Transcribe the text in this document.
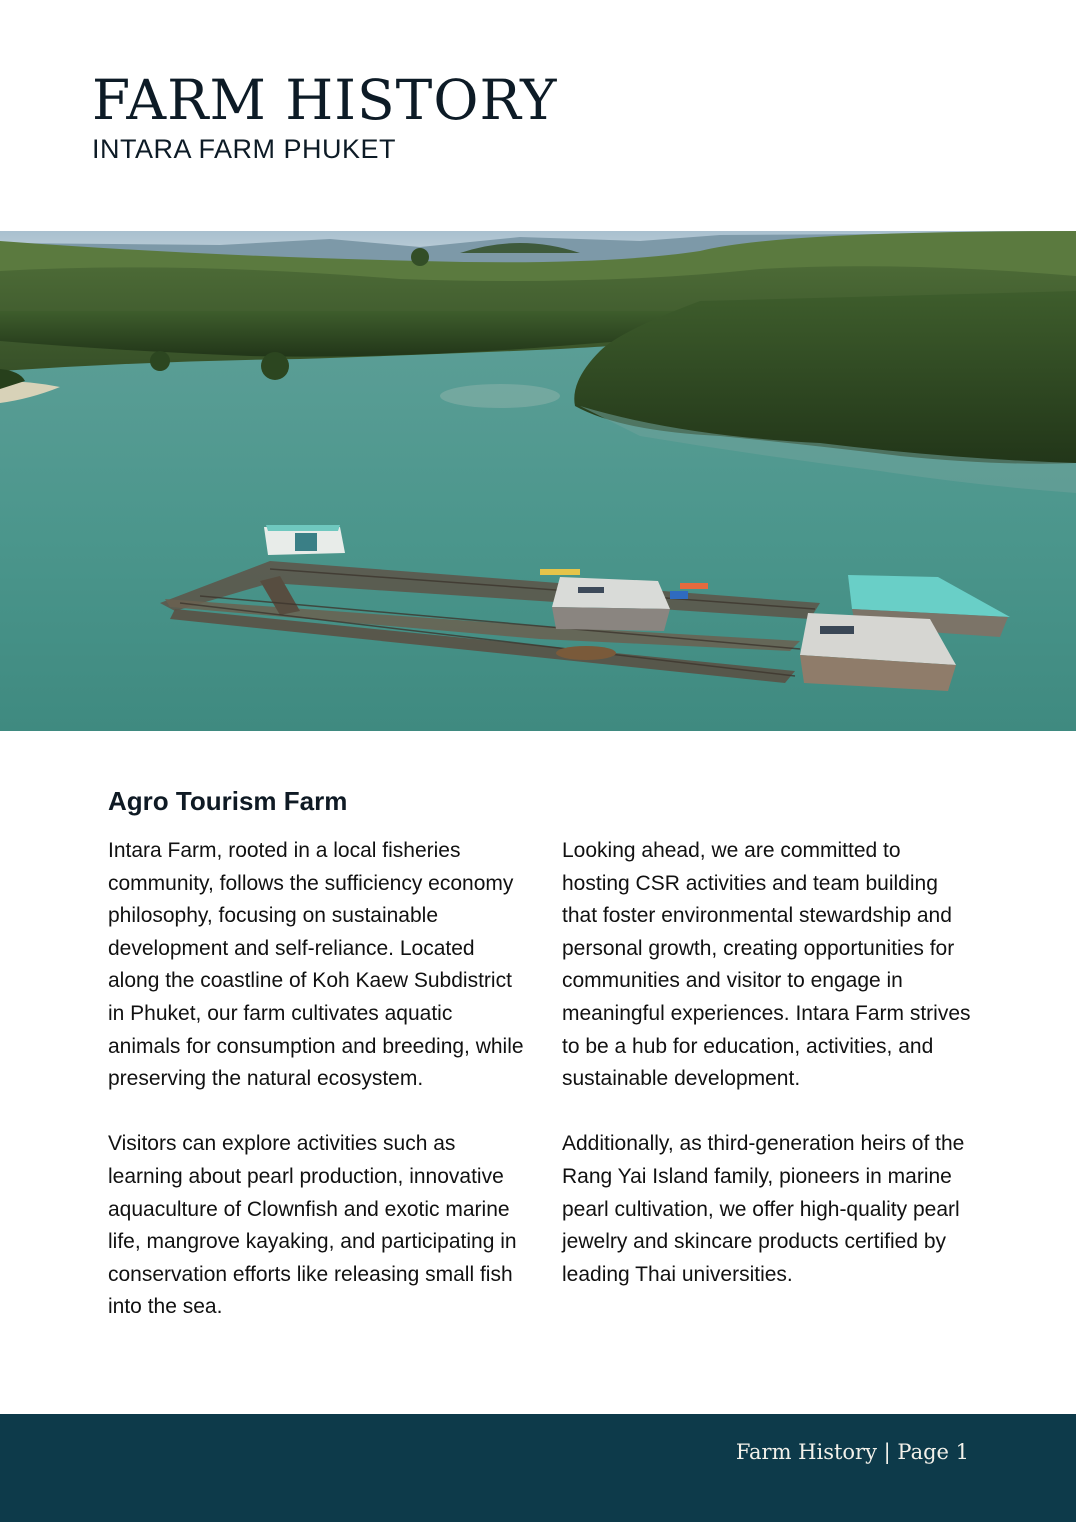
FARM HISTORY
INTARA FARM PHUKET
Agro Tourism Farm

Intara Farm, rooted in a local fisheries community, follows the sufficiency economy philosophy, focusing on sustainable development and self-reliance. Located along the coastline of Koh Kaew Subdistrict in Phuket, our farm cultivates aquatic animals for consumption and breeding, while preserving the natural ecosystem.

Visitors can explore activities such as learning about pearl production, innovative aquaculture of Clownfish and exotic marine life, mangrove kayaking, and participating in conservation efforts like releasing small fish into the sea.

Looking ahead, we are committed to hosting CSR activities and team building that foster environmental stewardship and personal growth, creating opportunities for communities and visitor to engage in meaningful experiences. Intara Farm strives to be a hub for education, activities, and sustainable development.

Additionally, as third-generation heirs of the Rang Yai Island family, pioneers in marine pearl cultivation, we offer high-quality pearl jewelry and skincare products certified by leading Thai universities.

Farm History | Page 1
